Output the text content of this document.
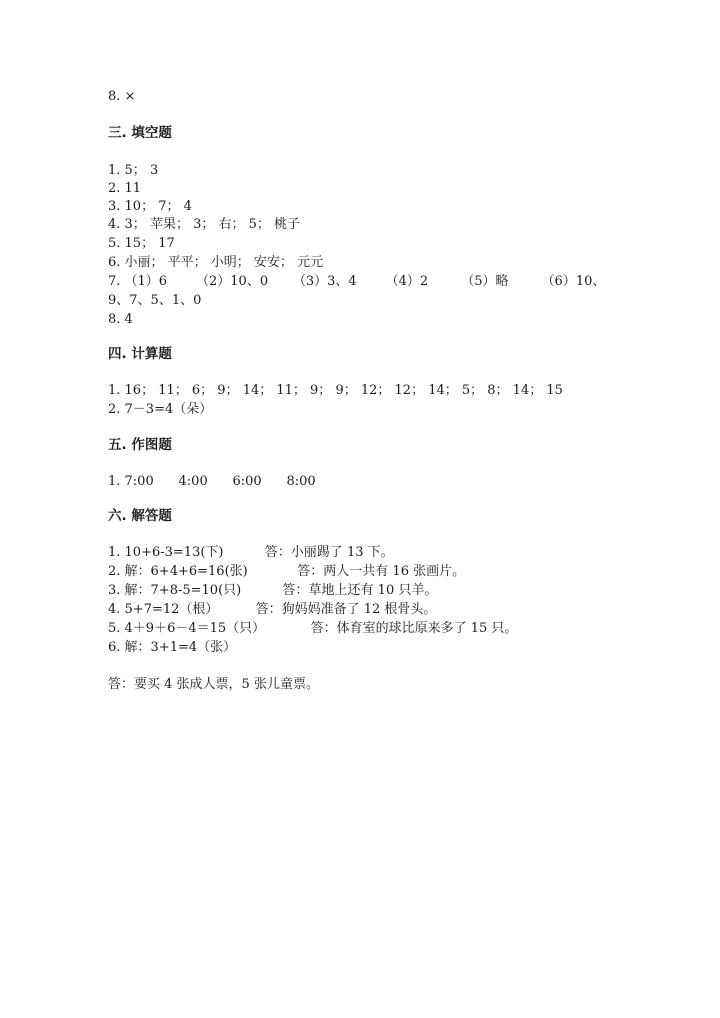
8. ×
三. 填空题
1. 5； 3
2. 11
3. 10； 7； 4
4. 3； 苹果； 3； 右； 5； 桃子
5. 15； 17
6. 小丽； 平平； 小明； 安安； 元元
7. （1）6       （2）10、0      （3）3、4       （4）2        （5）略        （6）10、
9、7、5、1、0
8. 4
四. 计算题
1. 16； 11； 6； 9； 14； 11； 9； 9； 12； 12； 14； 5； 8； 14； 15
2. 7－3=4（朵）
五. 作图题
1. 7:00      4:00      6:00      8:00
六. 解答题
1. 10+6-3=13(下)          答：小丽踢了 13 下。
2. 解：6+4+6=16(张)            答：两人一共有 16 张画片。
3. 解：7+8-5=10(只)          答：草地上还有 10 只羊。
4. 5+7=12（根）         答：狗妈妈准备了 12 根骨头。
5. 4＋9＋6－4＝15（只）           答：体育室的球比原来多了 15 只。
6. 解：3+1=4（张）
答：要买 4 张成人票，5 张儿童票。
